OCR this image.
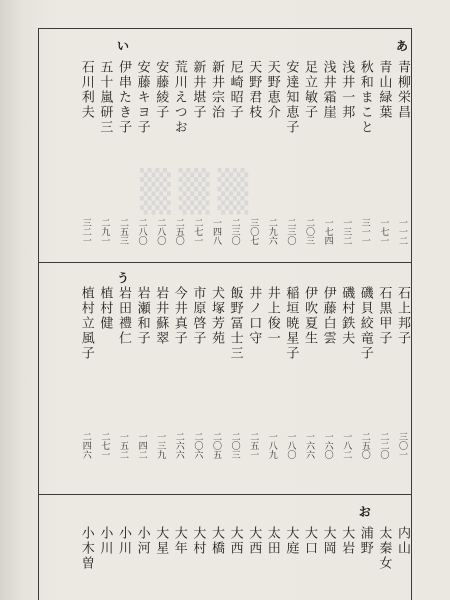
▒▒▒
あ
い
青柳栄昌
一一二
青山緑葉
一七一
秋和まこと
三一一
浅井一邦
一三二
浅井霜崖
一七四
足立敏子
二〇三
安達知恵子
二三〇
天野恵介
二九六
天野君枝
三〇七
尼崎昭子
二三〇
新井宗治
一四八
新井堪子
二七一
荒川えつお
二五〇
安藤綾子
二八〇
安藤キヨ子
二八〇
伊串たき子
二五三
五十嵐研三
二九一
石川利夫
三二一
う
石上邦子
三〇一
石黒甲子
二二〇
磯貝絞竜子
二五〇
磯村鉄夫
一八二
伊藤白雲
一六〇
伊吹夏生
一六六
稲垣暁星子
一八〇
井上俊一
一八九
井ノ口守
二五一
飯野冨士三
二〇三
犬塚芳苑
二〇五
市原啓子
二〇六
今井真子
二六六
岩井蘇翠
一三九
岩瀬和子
一四二
岩田禮仁
一五二
植村健
二七一
植村立風子
二四六
お
内山
太秦女
浦野
大岩
大岡
大口
大庭
太田
大西
大西
大橋
大村
大年
大星
小河
小川
小川
小木曽
